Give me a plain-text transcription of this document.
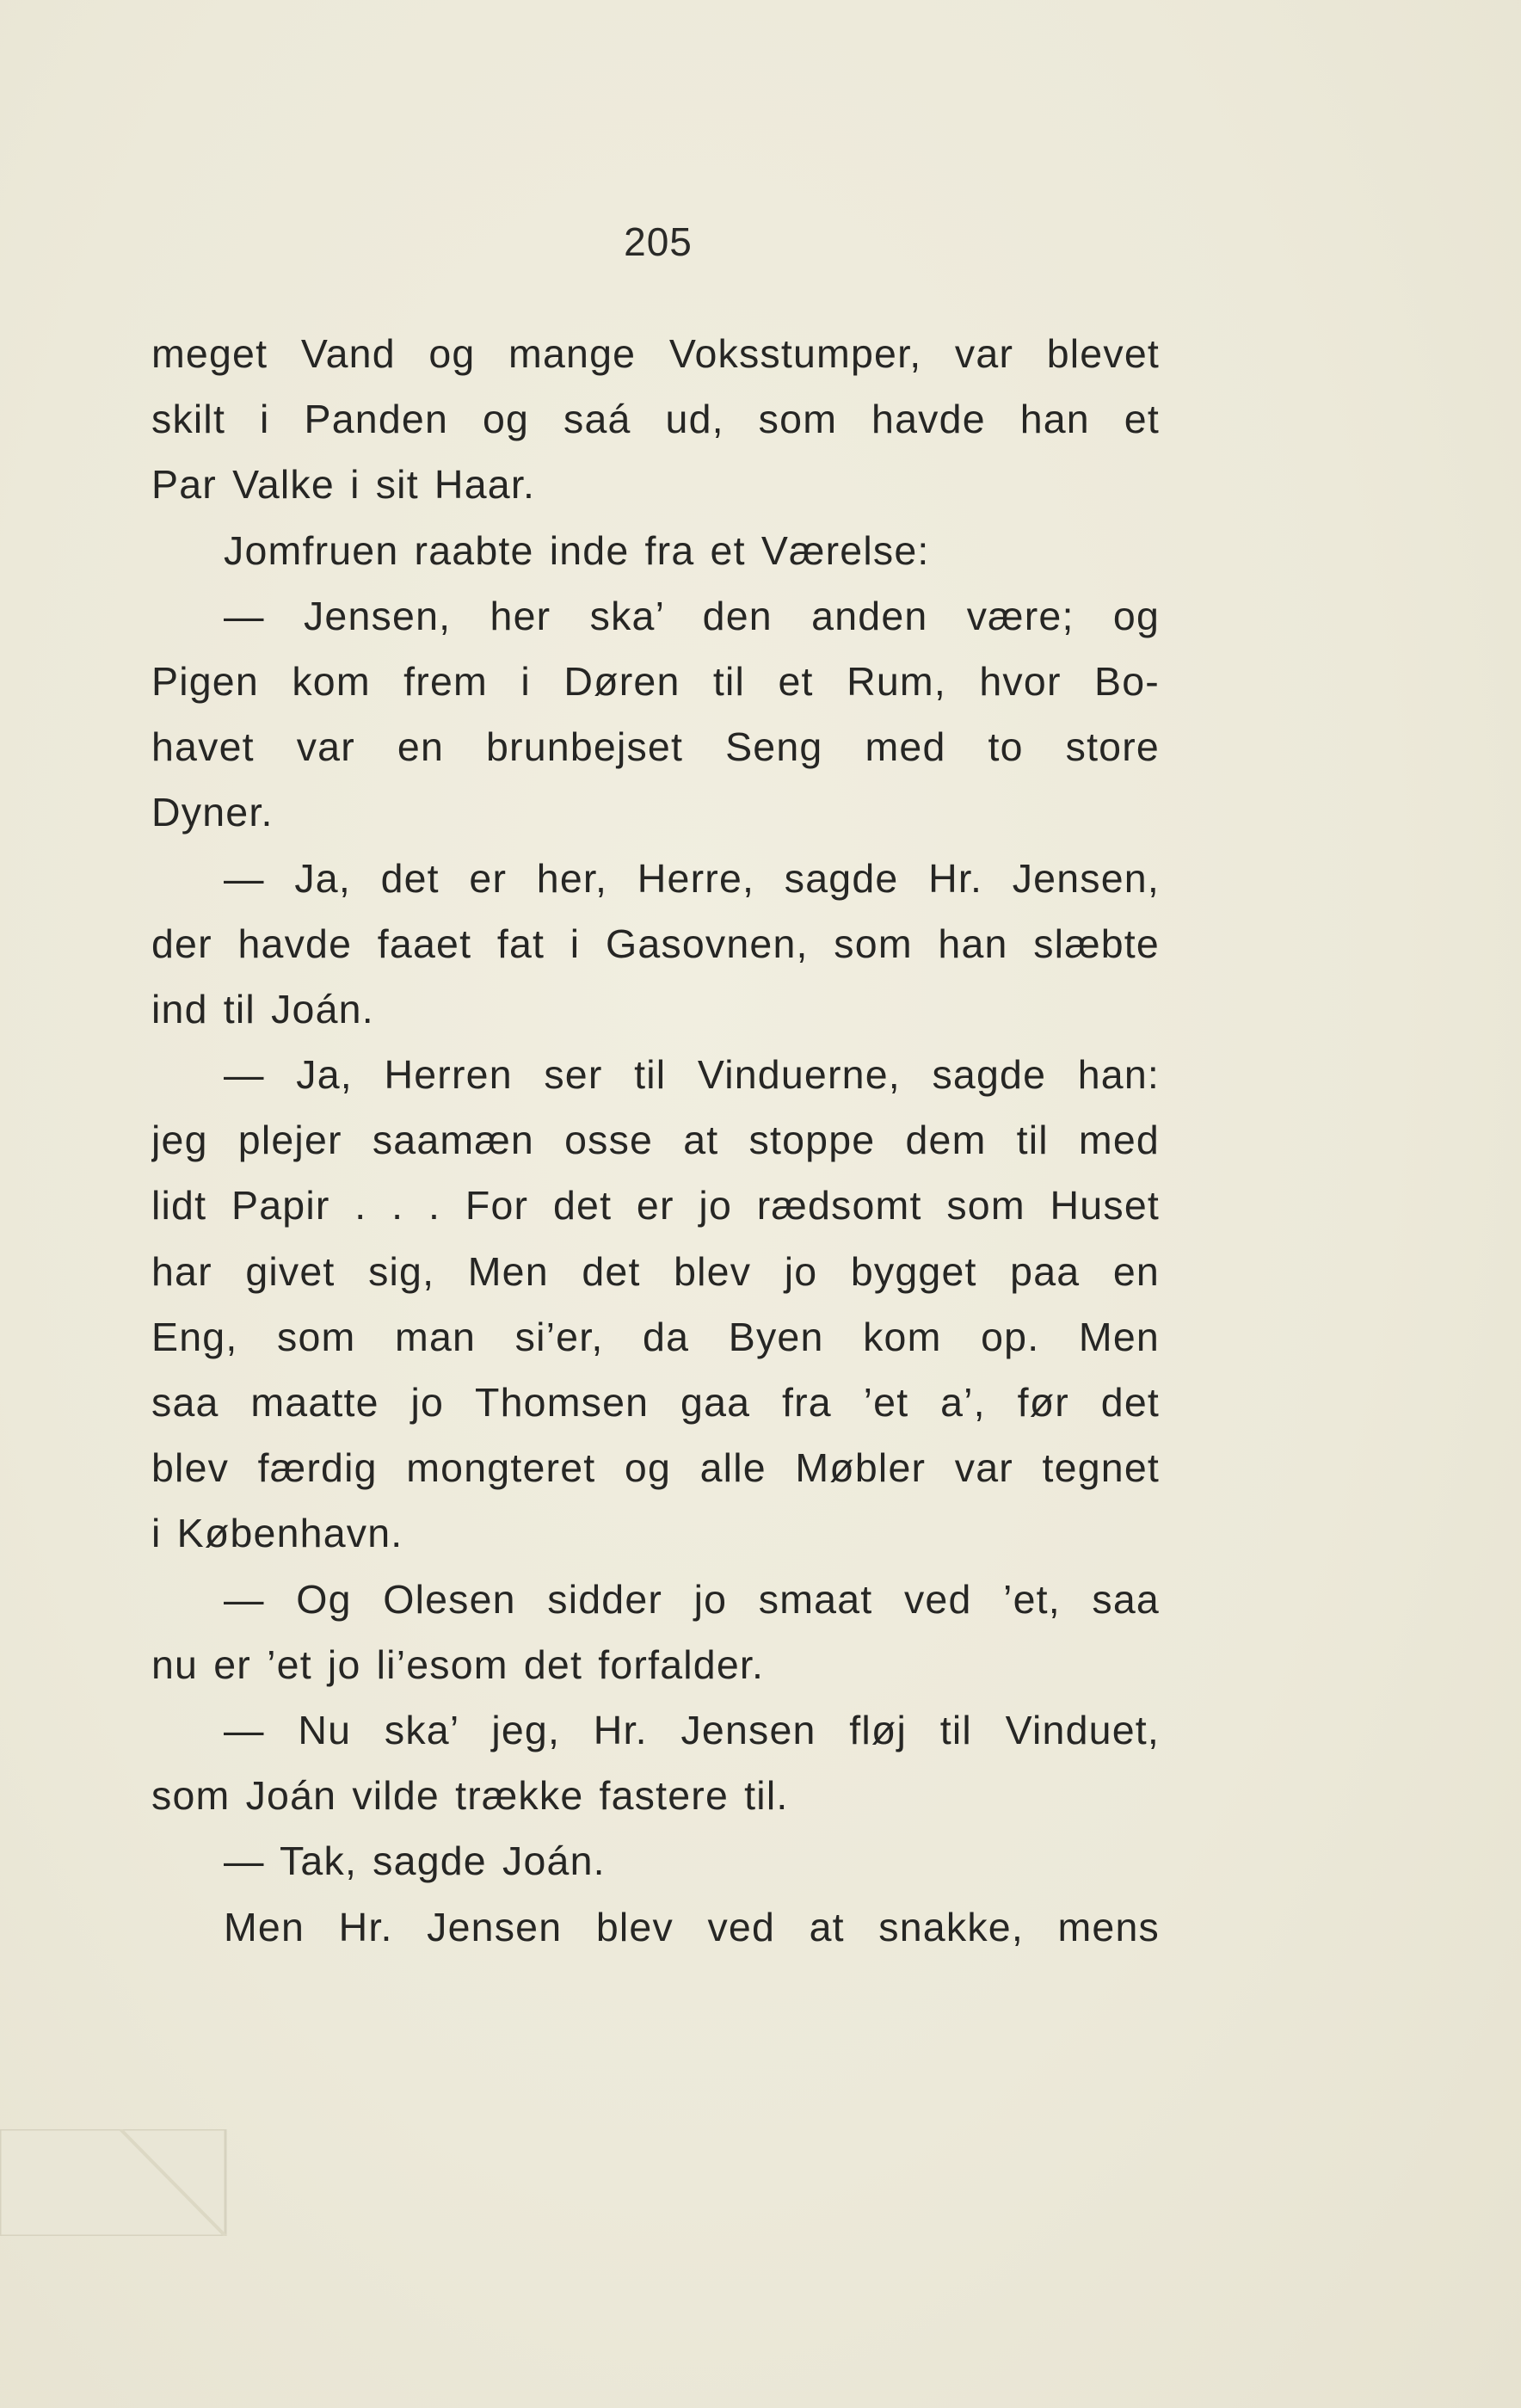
205
meget Vand og mange Voksstumper, var blevet
skilt i Panden og saá ud, som havde han et
Par Valke i sit Haar.
Jomfruen raabte inde fra et Værelse:
— Jensen, her ska’ den anden være; og
Pigen kom frem i Døren til et Rum, hvor Bo-
havet var en brunbejset Seng med to store
Dyner.
— Ja, det er her, Herre, sagde Hr. Jensen,
der havde faaet fat i Gasovnen, som han slæbte
ind til Joán.
— Ja, Herren ser til Vinduerne, sagde han:
jeg plejer saamæn osse at stoppe dem til med
lidt Papir . . . For det er jo rædsomt som Huset
har givet sig, Men det blev jo bygget paa en
Eng, som man si’er, da Byen kom op. Men
saa maatte jo Thomsen gaa fra ’et a’, før det
blev færdig mongteret og alle Møbler var tegnet
i København.
— Og Olesen sidder jo smaat ved ’et, saa
nu er ’et jo li’esom det forfalder.
— Nu ska’ jeg, Hr. Jensen fløj til Vinduet,
som Joán vilde trække fastere til.
— Tak, sagde Joán.
Men Hr. Jensen blev ved at snakke, mens
